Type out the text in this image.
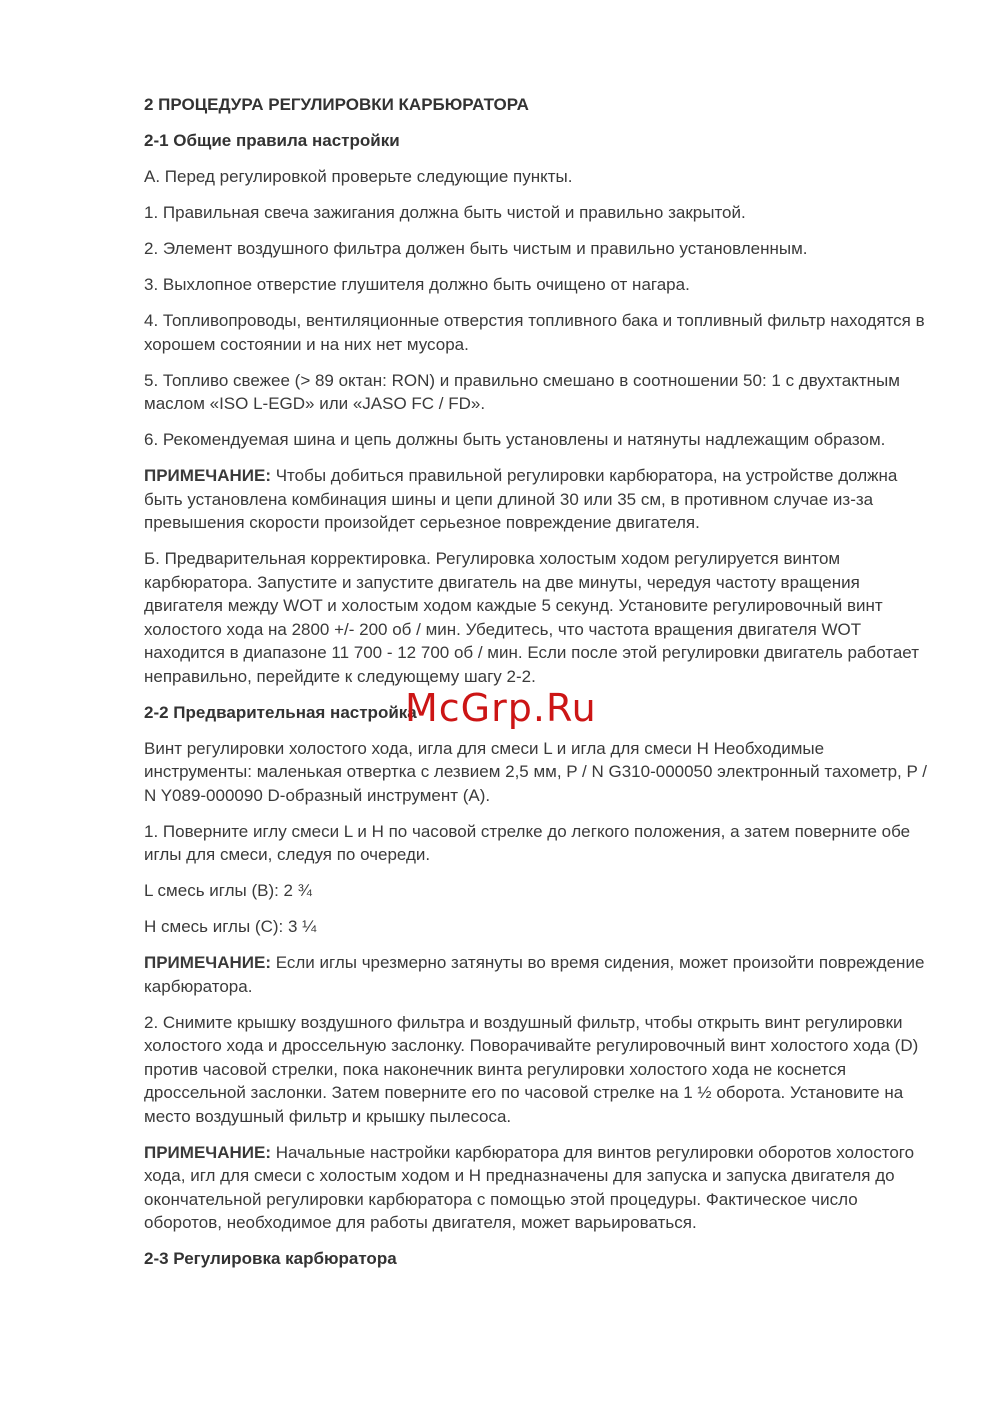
2 ПРОЦЕДУРА РЕГУЛИРОВКИ КАРБЮРАТОРА
2-1 Общие правила настройки
А. Перед регулировкой проверьте следующие пункты.
1. Правильная свеча зажигания должна быть чистой и правильно закрытой.
2. Элемент воздушного фильтра должен быть чистым и правильно установленным.
3. Выхлопное отверстие глушителя должно быть очищено от нагара.
4. Топливопроводы, вентиляционные отверстия топливного бака и топливный фильтр находятся в хорошем состоянии и на них нет мусора.
5. Топливо свежее (> 89 октан: RON) и правильно смешано в соотношении 50: 1 с двухтактным маслом «ISO L-EGD» или «JASO FC / FD».
6. Рекомендуемая шина и цепь должны быть установлены и натянуты надлежащим образом.
ПРИМЕЧАНИЕ: Чтобы добиться правильной регулировки карбюратора, на устройстве должна быть установлена комбинация шины и цепи длиной 30 или 35 см, в противном случае из-за превышения скорости произойдет серьезное повреждение двигателя.
Б. Предварительная корректировка. Регулировка холостым ходом регулируется винтом карбюратора. Запустите и запустите двигатель на две минуты, чередуя частоту вращения двигателя между WOT и холостым ходом каждые 5 секунд. Установите регулировочный винт холостого хода на 2800 +/- 200 об / мин. Убедитесь, что частота вращения двигателя WOT находится в диапазоне 11 700 - 12 700 об / мин. Если после этой регулировки двигатель работает неправильно, перейдите к следующему шагу 2-2.
2-2 Предварительная настройка
Винт регулировки холостого хода, игла для смеси L и игла для смеси H Необходимые инструменты: маленькая отвертка с лезвием 2,5 мм, P / N G310-000050 электронный тахометр, P / N Y089-000090 D-образный инструмент (A).
1. Поверните иглу смеси L и H по часовой стрелке до легкого положения, а затем поверните обе иглы для смеси, следуя по очереди.
L смесь иглы (B): 2 ¾
H смесь иглы (C): 3 ¼
ПРИМЕЧАНИЕ: Если иглы чрезмерно затянуты во время сидения, может произойти повреждение карбюратора.
2. Снимите крышку воздушного фильтра и воздушный фильтр, чтобы открыть винт регулировки холостого хода и дроссельную заслонку. Поворачивайте регулировочный винт холостого хода (D) против часовой стрелки, пока наконечник винта регулировки холостого хода не коснется дроссельной заслонки. Затем поверните его по часовой стрелке на 1 ½ оборота. Установите на место воздушный фильтр и крышку пылесоса.
ПРИМЕЧАНИЕ: Начальные настройки карбюратора для винтов регулировки оборотов холостого хода, игл для смеси с холостым ходом и H предназначены для запуска и запуска двигателя до окончательной регулировки карбюратора с помощью этой процедуры. Фактическое число оборотов, необходимое для работы двигателя, может варьироваться.
2-3 Регулировка карбюратора
McGrp.Ru
